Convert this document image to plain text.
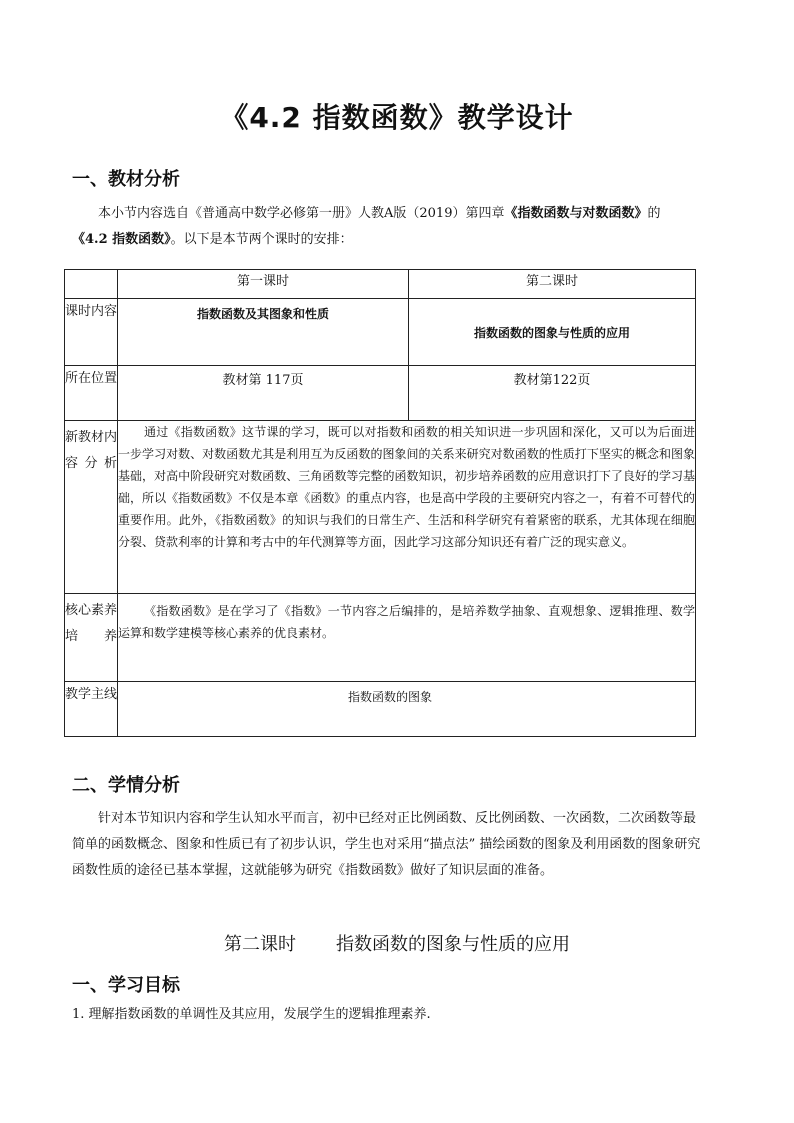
《4.2 指数函数》教学设计
一、教材分析
本小节内容选自《普通高中数学必修第一册》人教A版（2019）第四章《指数函数与对数函数》的
《4.2 指数函数》。以下是本节两个课时的安排：
	第一课时	第二课时
课时内容	指数函数及其图象和性质	指数函数的图象与性质的应用
所在位置	教材第 117页	教材第122页
新教材内容分析	通过《指数函数》这节课的学习，既可以对指数和函数的相关知识进一步巩固和深化，又可以为后面进一步学习对数、对数函数尤其是利用互为反函数的图象间的关系来研究对数函数的性质打下坚实的概念和图象基础，对高中阶段研究对数函数、三角函数等完整的函数知识，初步培养函数的应用意识打下了良好的学习基础，所以《指数函数》不仅是本章《函数》的重点内容，也是高中学段的主要研究内容之一，有着不可替代的重要作用。此外，《指数函数》的知识与我们的日常生产、生活和科学研究有着紧密的联系，尤其体现在细胞分裂、贷款利率的计算和考古中的年代测算等方面，因此学习这部分知识还有着广泛的现实意义。	
核心素养培养	《指数函数》是在学习了《指数》一节内容之后编排的，是培养数学抽象、直观想象、逻辑推理、数学运算和数学建模等核心素养的优良素材。	
教学主线	指数函数的图象	
二、学情分析
针对本节知识内容和学生认知水平而言，初中已经对正比例函数、反比例函数、一次函数，二次函数等最简单的函数概念、图象和性质已有了初步认识，学生也对采用“描点法” 描绘函数的图象及利用函数的图象研究函数性质的途径已基本掌握，这就能够为研究《指数函数》做好了知识层面的准备。
第二课时 指数函数的图象与性质的应用
一、学习目标
1. 理解指数函数的单调性及其应用，发展学生的逻辑推理素养.
